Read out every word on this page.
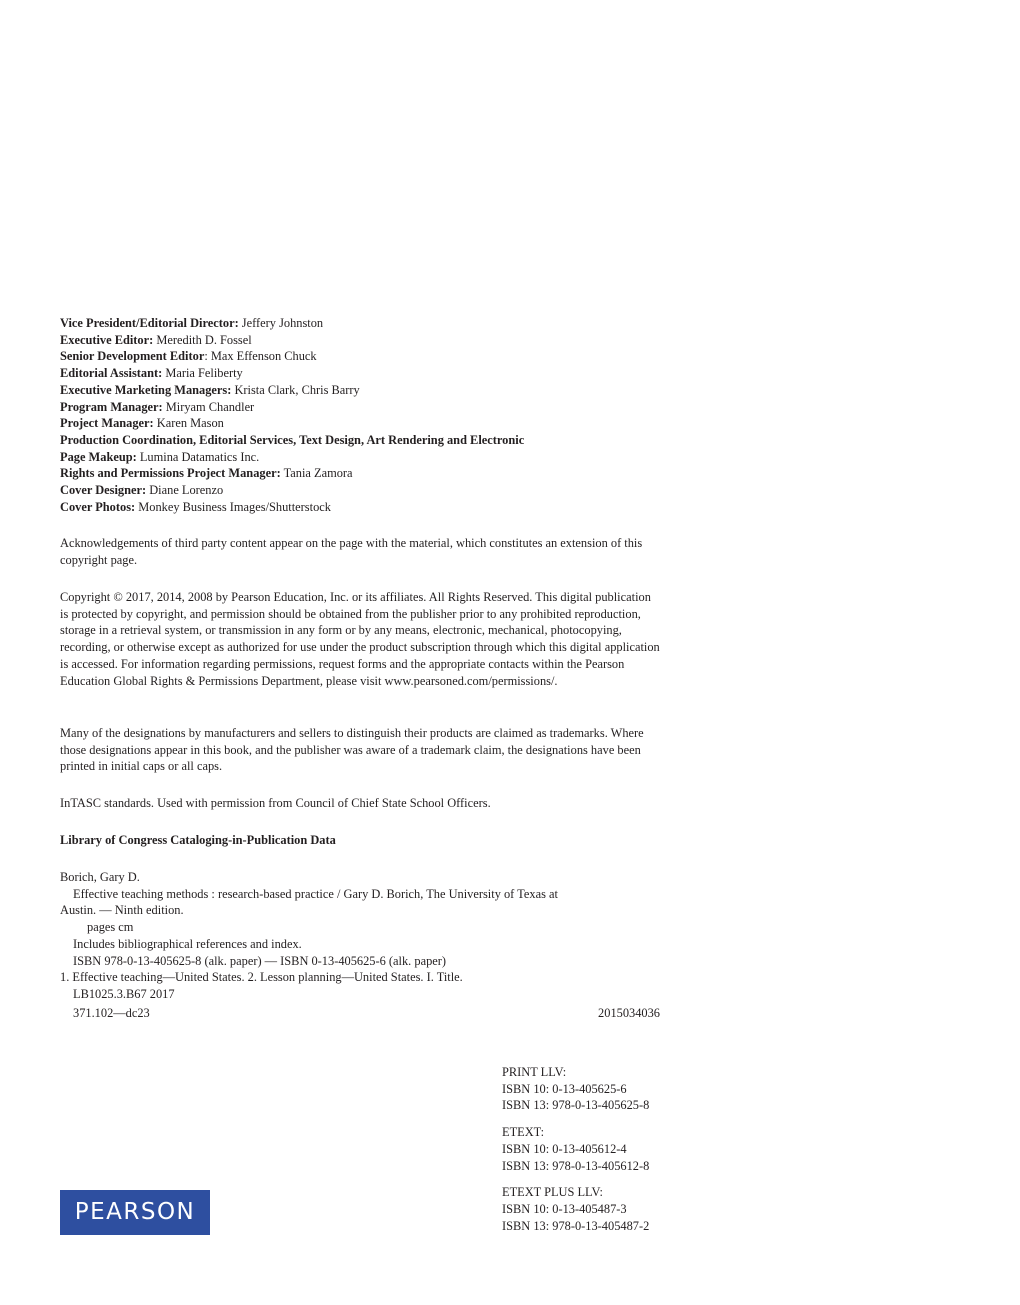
Vice President/Editorial Director: Jeffery Johnston
Executive Editor: Meredith D. Fossel
Senior Development Editor: Max Effenson Chuck
Editorial Assistant: Maria Feliberty
Executive Marketing Managers: Krista Clark, Chris Barry
Program Manager: Miryam Chandler
Project Manager: Karen Mason
Production Coordination, Editorial Services, Text Design, Art Rendering and Electronic
Page Makeup: Lumina Datamatics Inc.
Rights and Permissions Project Manager: Tania Zamora
Cover Designer: Diane Lorenzo
Cover Photos: Monkey Business Images/Shutterstock

Acknowledgements of third party content appear on the page with the material, which constitutes an extension of this copyright page.

Copyright © 2017, 2014, 2008 by Pearson Education, Inc. or its affiliates. All Rights Reserved. This digital publication is protected by copyright, and permission should be obtained from the publisher prior to any prohibited reproduction, storage in a retrieval system, or transmission in any form or by any means, electronic, mechanical, photocopying, recording, or otherwise except as authorized for use under the product subscription through which this digital application is accessed. For information regarding permissions, request forms and the appropriate contacts within the Pearson Education Global Rights & Permissions Department, please visit www.pearsoned.com/permissions/.

Many of the designations by manufacturers and sellers to distinguish their products are claimed as trademarks. Where those designations appear in this book, and the publisher was aware of a trademark claim, the designations have been printed in initial caps or all caps.

InTASC standards. Used with permission from Council of Chief State School Officers.

Library of Congress Cataloging-in-Publication Data
Borich, Gary D.
Effective teaching methods : research-based practice / Gary D. Borich, The University of Texas at
Austin. — Ninth edition.
pages cm
Includes bibliographical references and index.
ISBN 978-0-13-405625-8 (alk. paper) — ISBN 0-13-405625-6 (alk. paper)
1. Effective teaching—United States. 2. Lesson planning—United States. I. Title.
LB1025.3.B67 2017
371.102—dc23	2015034036
PRINT LLV:
ISBN 10: 0-13-405625-6
ISBN 13: 978-0-13-405625-8
ETEXT:
ISBN 10: 0-13-405612-4
ISBN 13: 978-0-13-405612-8
ETEXT PLUS LLV:
ISBN 10: 0-13-405487-3
ISBN 13: 978-0-13-405487-2
PEARSON
